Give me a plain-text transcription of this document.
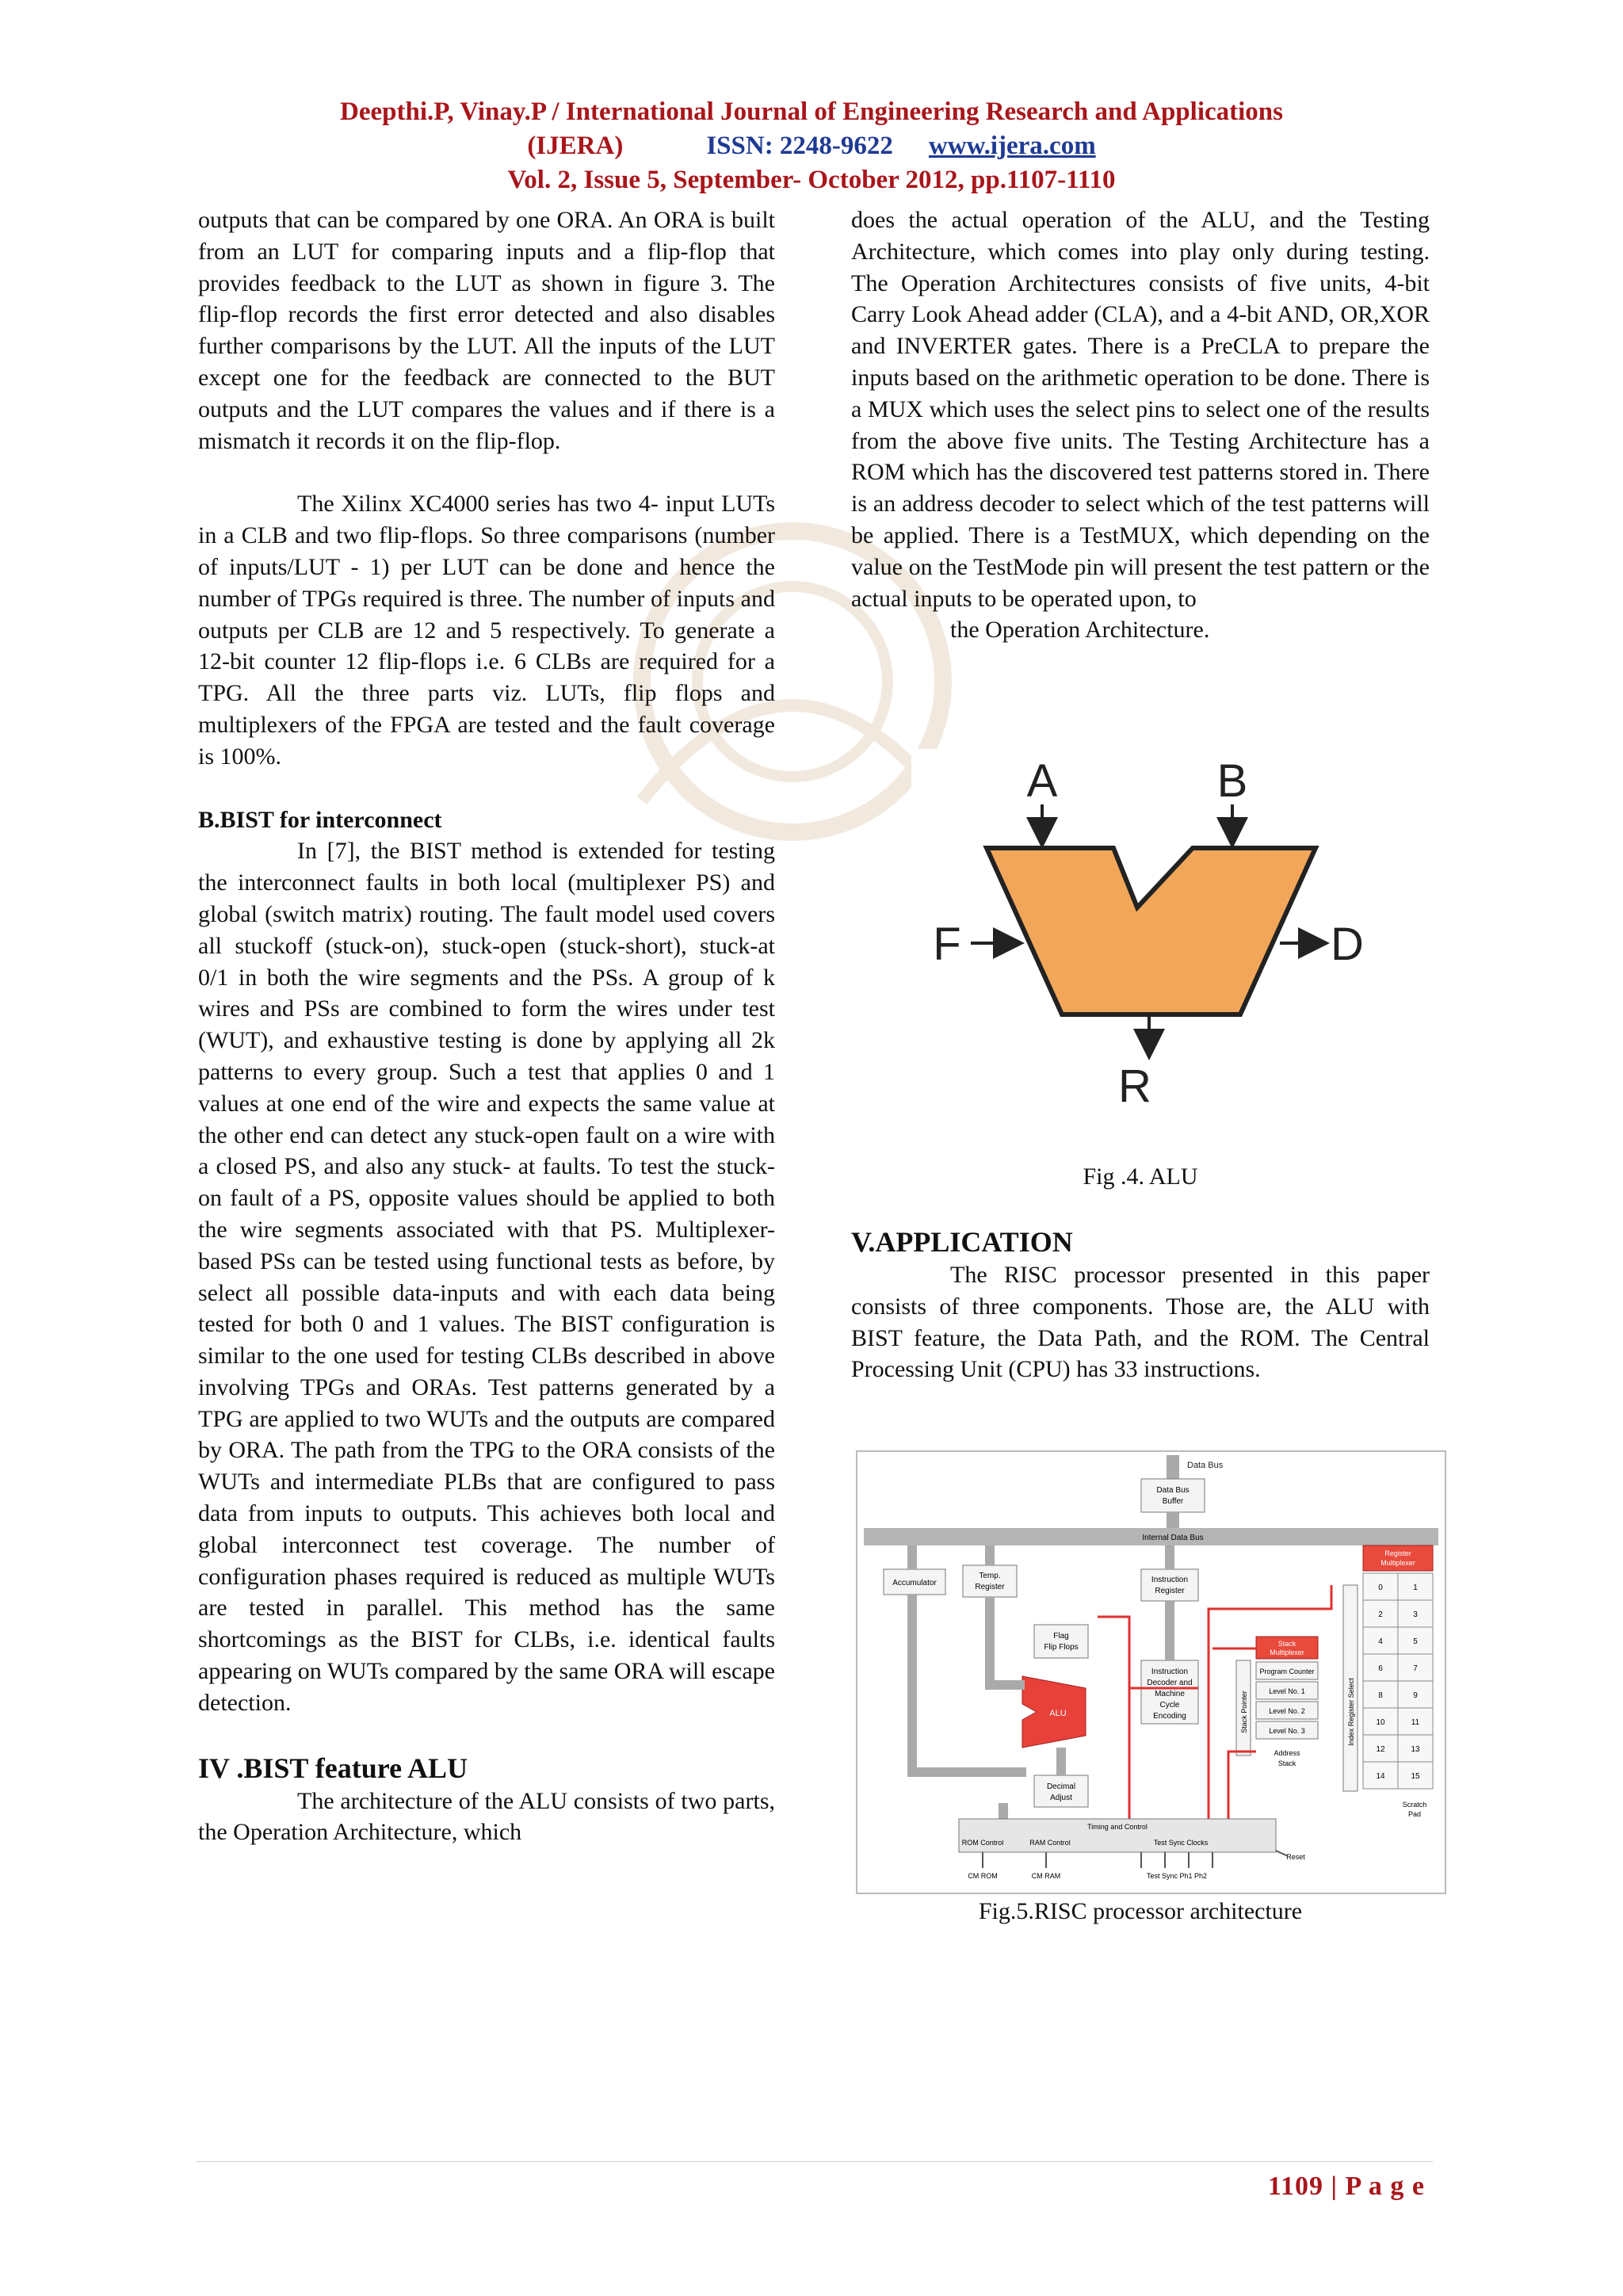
Deepthi.P, Vinay.P / International Journal of Engineering Research and Applications
(IJERA)	ISSN: 2248-9622 www.ijera.com
Vol. 2, Issue 5, September- October 2012, pp.1107-1110

outputs that can be compared by one ORA. An ORA is built from an LUT for comparing inputs and a flip-flop that provides feedback to the LUT as shown in figure 3. The flip-flop records the first error detected and also disables further comparisons by the LUT. All the inputs of the LUT except one for the feedback are connected to the BUT outputs and the LUT compares the values and if there is a mismatch it records it on the flip-flop.

The Xilinx XC4000 series has two 4- input LUTs in a CLB and two flip-flops. So three comparisons (number of inputs/LUT - 1) per LUT can be done and hence the number of TPGs required is three. The number of inputs and outputs per CLB are 12 and 5 respectively. To generate a 12-bit counter 12 flip-flops i.e. 6 CLBs are required for a TPG. All the three parts viz. LUTs, flip flops and multiplexers of the FPGA are tested and the fault coverage is 100%.

B.BIST for interconnect

In [7], the BIST method is extended for testing the interconnect faults in both local (multiplexer PS) and global (switch matrix) routing. The fault model used covers all stuckoff (stuck-on), stuck-open (stuck-short), stuck-at 0/1 in both the wire segments and the PSs. A group of k wires and PSs are combined to form the wires under test (WUT), and exhaustive testing is done by applying all 2k patterns to every group. Such a test that applies 0 and 1 values at one end of the wire and expects the same value at the other end can detect any stuck-open fault on a wire with a closed PS, and also any stuck- at faults. To test the stuck-on fault of a PS, opposite values should be applied to both the wire segments associated with that PS. Multiplexer-based PSs can be tested using functional tests as before, by select all possible data-inputs and with each data being tested for both 0 and 1 values. The BIST configuration is similar to the one used for testing CLBs described in above involving TPGs and ORAs. Test patterns generated by a TPG are applied to two WUTs and the outputs are compared by ORA. The path from the TPG to the ORA consists of the WUTs and intermediate PLBs that are configured to pass data from inputs to outputs. This achieves both local and global interconnect test coverage. The number of configuration phases required is reduced as multiple WUTs are tested in parallel. This method has the same shortcomings as the BIST for CLBs, i.e. identical faults appearing on WUTs compared by the same ORA will escape detection.

IV .BIST feature ALU

The architecture of the ALU consists of two parts, the Operation Architecture, which

does the actual operation of the ALU, and the Testing Architecture, which comes into play only during testing. The Operation Architectures consists of five units, 4-bit Carry Look Ahead adder (CLA), and a 4-bit AND, OR,XOR and INVERTER gates. There is a PreCLA to prepare the inputs based on the arithmetic operation to be done. There is a MUX which uses the select pins to select one of the results from the above five units. The Testing Architecture has a ROM which has the discovered test patterns stored in. There is an address decoder to select which of the test patterns will be applied. There is a TestMUX, which depending on the value on the TestMode pin will present the test pattern or the actual inputs to be operated upon, to

the Operation Architecture.

A	B
F	D
R
Fig .4. ALU

V.APPLICATION

The RISC processor presented in this paper consists of three components. Those are, the ALU with BIST feature, the Data Path, and the ROM. The Central Processing Unit (CPU) has 33 instructions.

Data Bus
Data Bus
Buffer
Internal Data Bus
Accumulator
Temp.
Register
Instruction
Register
Flag
Flip Flops
ALU
Decimal
Adjust
Instruction
Decoder and
Machine
Cycle
Encoding
Stack
Multiplexer
Stack Pointer
Program Counter
Level No. 1
Level No. 2
Level No. 3
Address
Stack
Index Register Select
Register
Multiplexer
0	1
2	3
4	5
6	7
8	9
10	11
12	13
14	15
Scratch
Pad
Timing and Control
ROM Control	RAM Control	Test Sync Clocks
Reset
CM ROM	CM RAM	Test Sync Ph1 Ph2
Fig.5.RISC processor architecture
1109 | P a g e
